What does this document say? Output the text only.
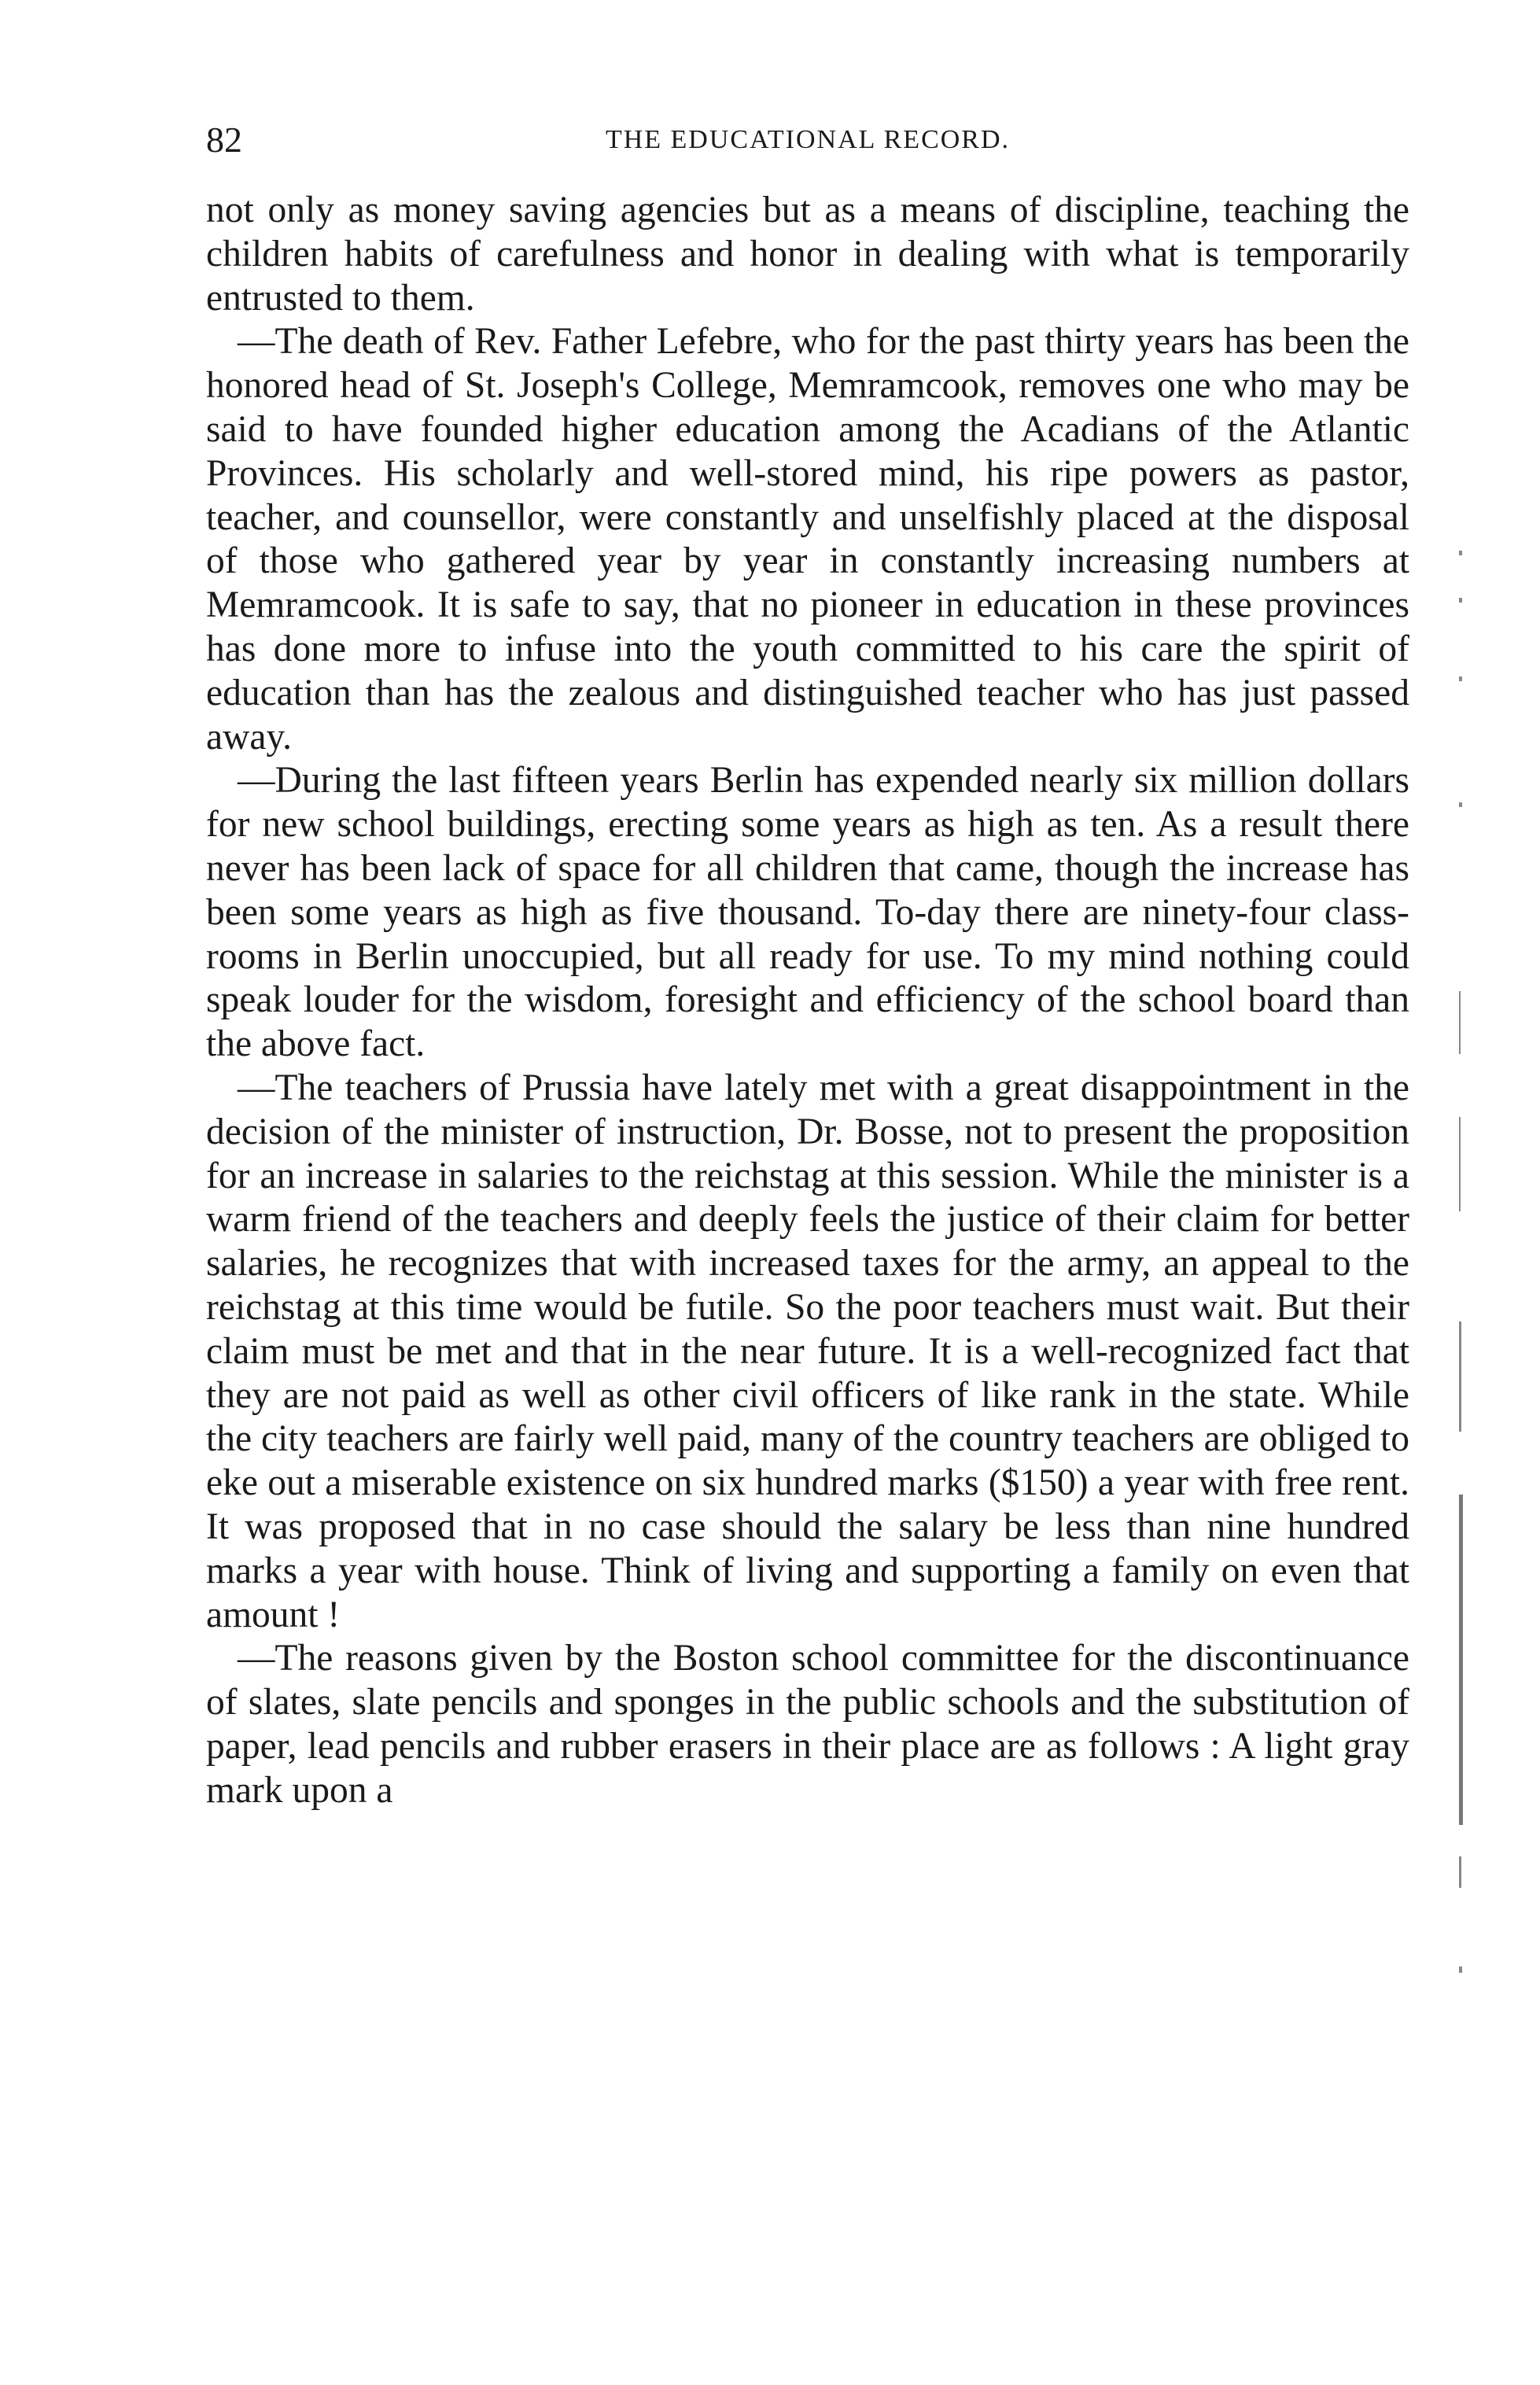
82	THE EDUCATIONAL RECORD.

not only as money saving agencies but as a means of discipline, teaching the children habits of carefulness and honor in dealing with what is temporarily entrusted to them.

—The death of Rev. Father Lefebre, who for the past thirty years has been the honored head of St. Joseph's College, Memramcook, removes one who may be said to have founded higher education among the Acadians of the Atlantic Provinces. His scholarly and well-stored mind, his ripe powers as pastor, teacher, and counsellor, were constantly and unselfishly placed at the disposal of those who gathered year by year in constantly increasing numbers at Memramcook. It is safe to say, that no pioneer in education in these provinces has done more to infuse into the youth committed to his care the spirit of education than has the zealous and distinguished teacher who has just passed away.

—During the last fifteen years Berlin has expended nearly six million dollars for new school buildings, erecting some years as high as ten. As a result there never has been lack of space for all children that came, though the increase has been some years as high as five thousand. To-day there are ninety-four class-rooms in Berlin unoccupied, but all ready for use. To my mind nothing could speak louder for the wisdom, foresight and efficiency of the school board than the above fact.

—The teachers of Prussia have lately met with a great disappointment in the decision of the minister of instruction, Dr. Bosse, not to present the proposition for an increase in salaries to the reichstag at this session. While the minister is a warm friend of the teachers and deeply feels the justice of their claim for better salaries, he recognizes that with increased taxes for the army, an appeal to the reichstag at this time would be futile. So the poor teachers must wait. But their claim must be met and that in the near future. It is a well-recognized fact that they are not paid as well as other civil officers of like rank in the state. While the city teachers are fairly well paid, many of the country teachers are obliged to eke out a miserable existence on six hundred marks ($150) a year with free rent. It was proposed that in no case should the salary be less than nine hundred marks a year with house. Think of living and supporting a family on even that amount !

—The reasons given by the Boston school committee for the discontinuance of slates, slate pencils and sponges in the public schools and the substitution of paper, lead pencils and rubber erasers in their place are as follows : A light gray mark upon a
